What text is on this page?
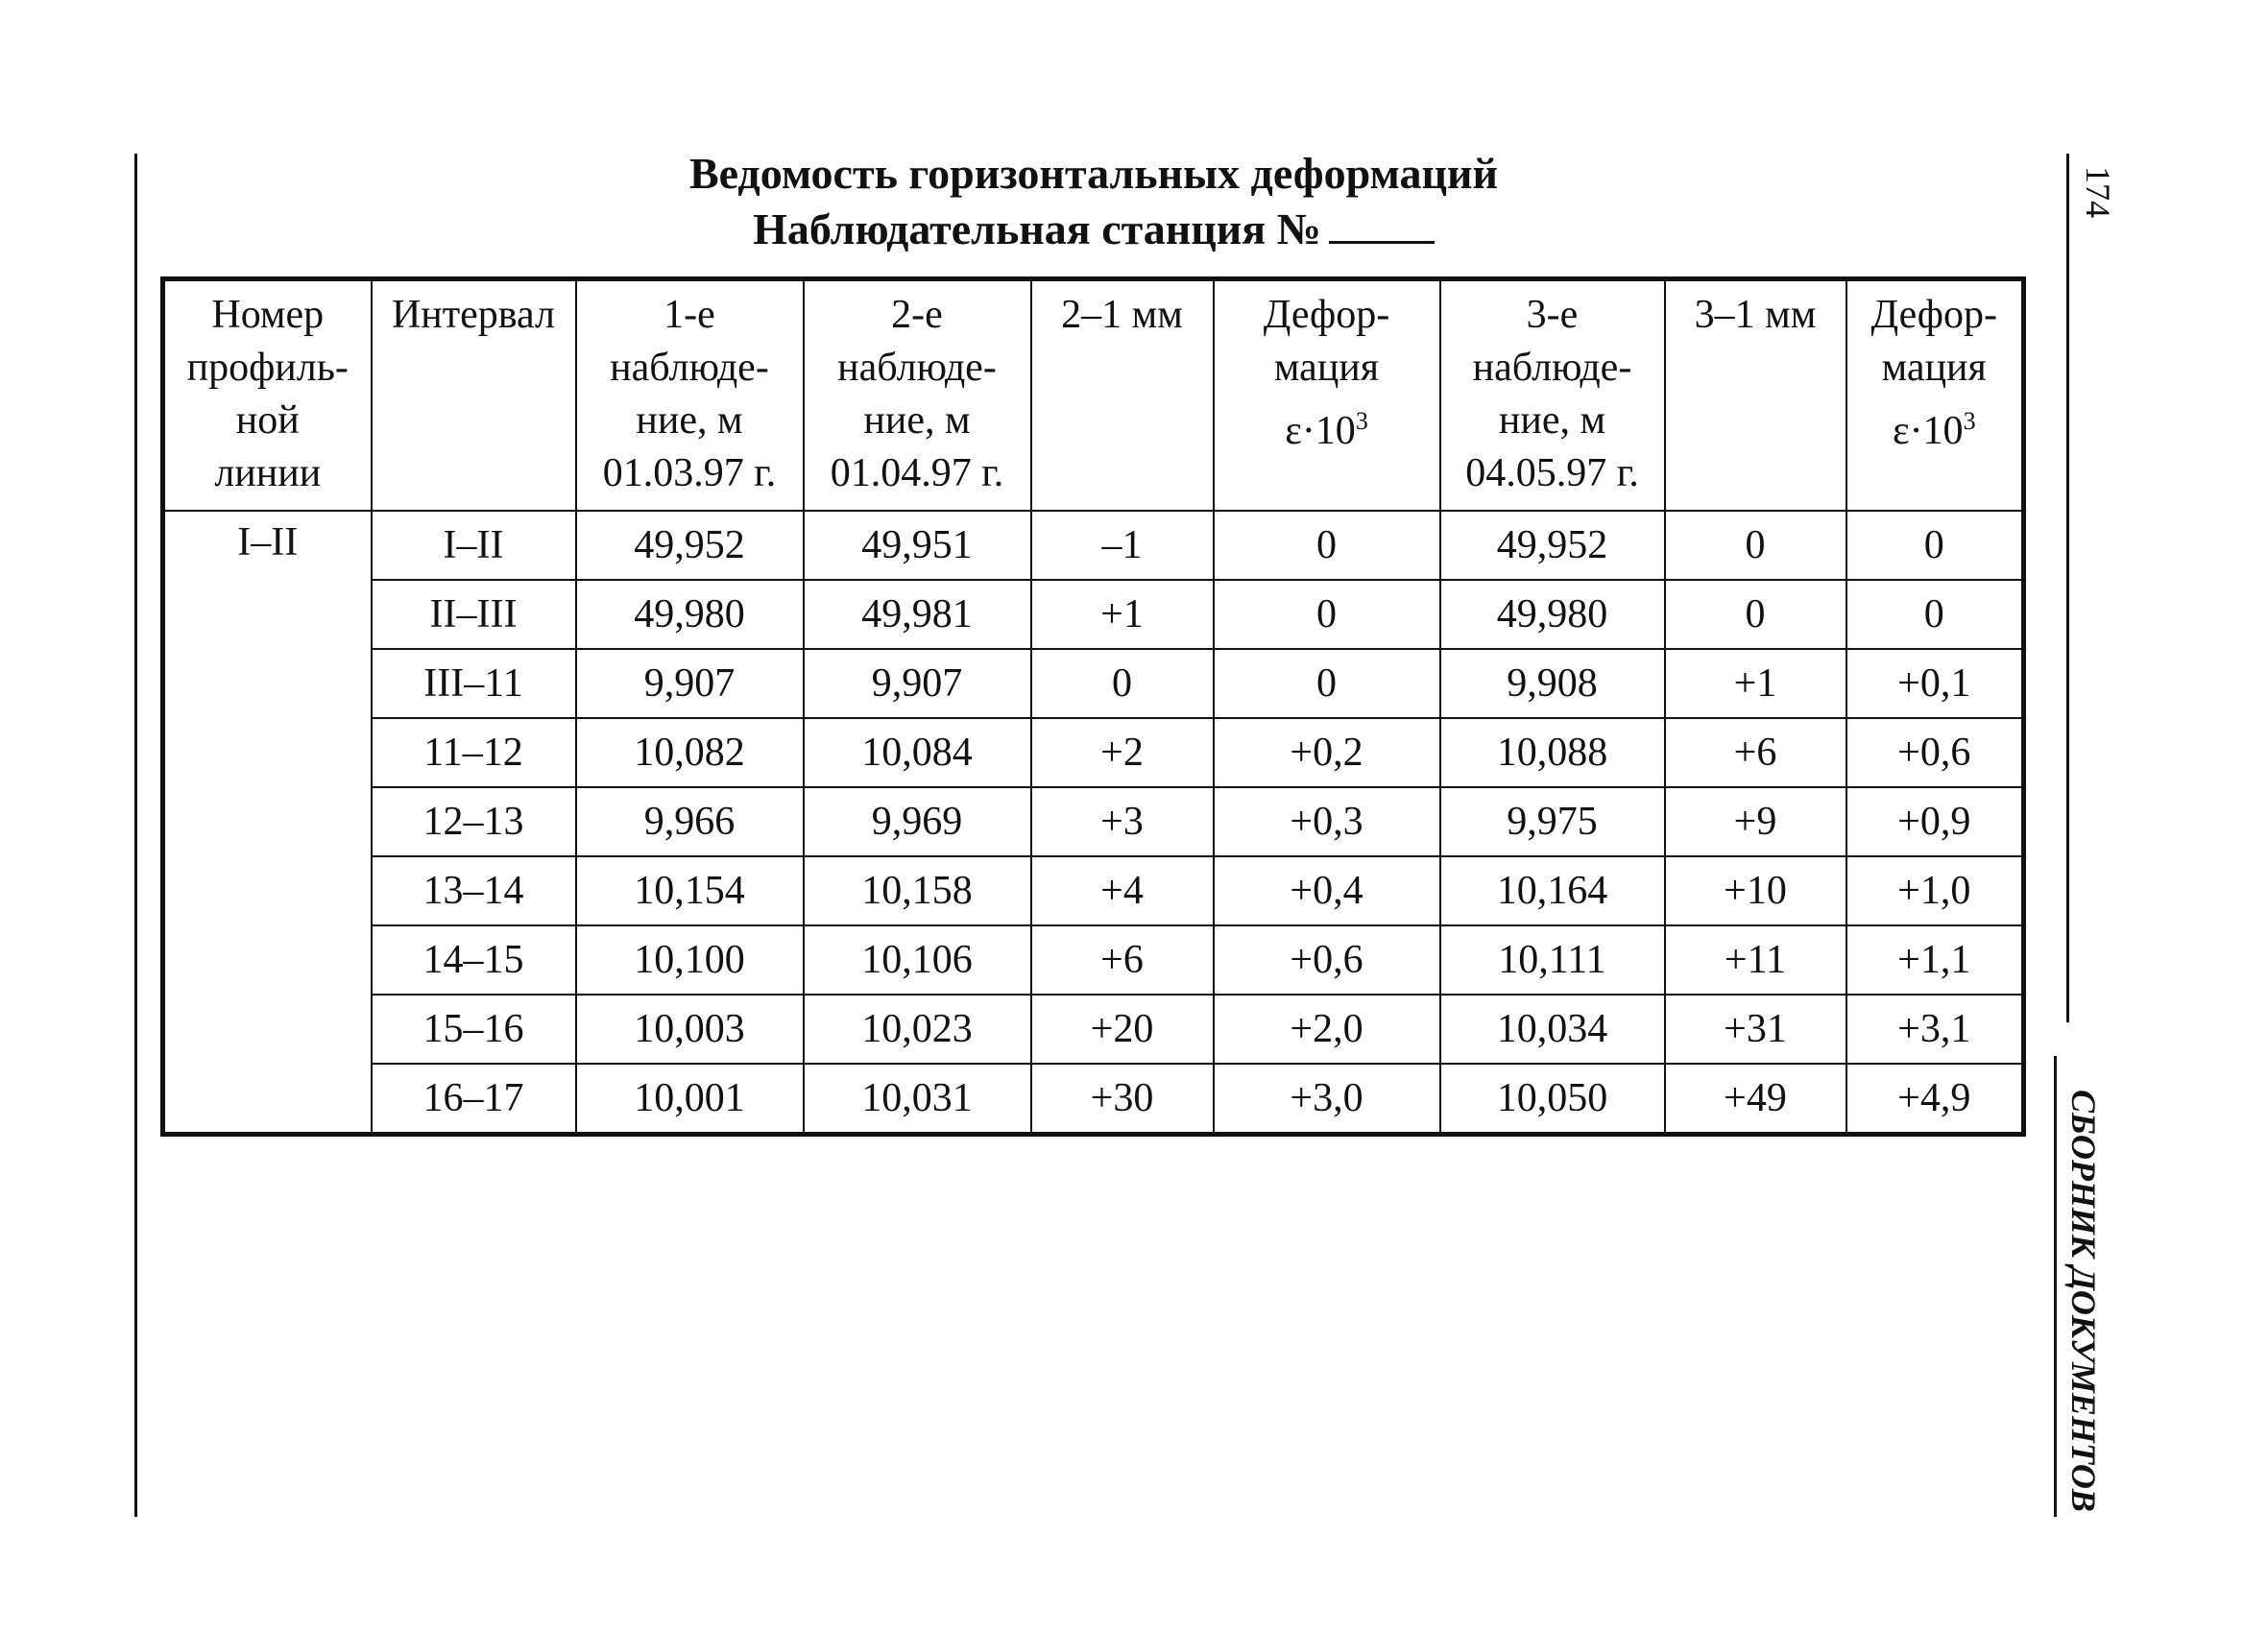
174
СБОРНИК ДОКУМЕНТОВ
Ведомость горизонтальных деформаций
Наблюдательная станция №
Номер
профиль-
ной
линии	Интервал	1-е
наблюде-
ние, м
01.03.97 г.	2-е
наблюде-
ние, м
01.04.97 г.	2–1 мм	Дефор-
мация
$\varepsilon\cdot 10^3$	3-е
наблюде-
ние, м
04.05.97 г.	3–1 мм	Дефор-
мация
$\varepsilon\cdot 10^3$
I–II	I–II	49,952	49,951	–1	0	49,952	0	0
	II–III	49,980	49,981	+1	0	49,980	0	0
	III–11	9,907	9,907	0	0	9,908	+1	+0,1
	11–12	10,082	10,084	+2	+0,2	10,088	+6	+0,6
	12–13	9,966	9,969	+3	+0,3	9,975	+9	+0,9
	13–14	10,154	10,158	+4	+0,4	10,164	+10	+1,0
	14–15	10,100	10,106	+6	+0,6	10,111	+11	+1,1
	15–16	10,003	10,023	+20	+2,0	10,034	+31	+3,1
	16–17	10,001	10,031	+30	+3,0	10,050	+49	+4,9
